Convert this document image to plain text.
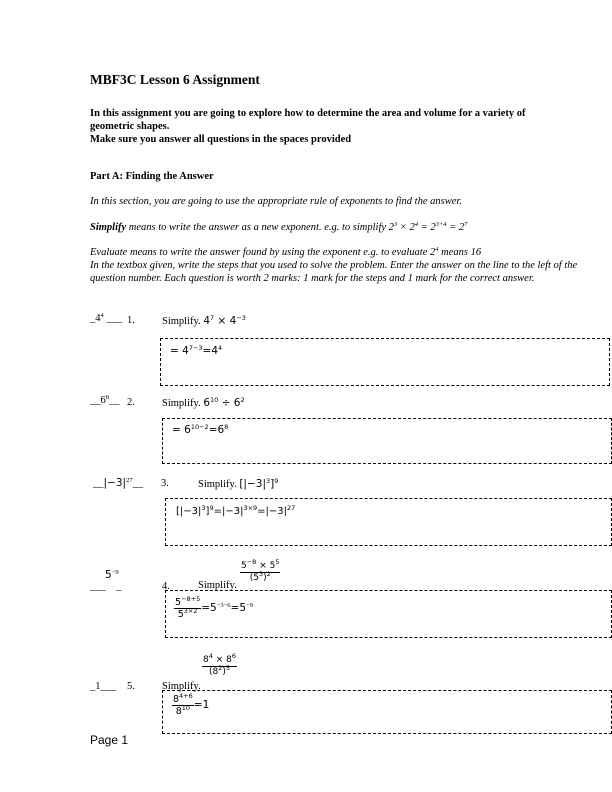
MBF3C Lesson 6 Assignment
In this assignment you are going to explore how to determine the area and volume for a variety of geometric shapes.
Make sure you answer all questions in the spaces provided
Part A: Finding the Answer
In this section, you are going to use the appropriate rule of exponents to find the answer.
Simplify means to write the answer as a new exponent. e.g. to simplify $2^3 \times 2^4 = 2^{3+4} = 2^7$
Evaluate means to write the answer found by using the exponent e.g. to evaluate $2^4$ means 16
In the textbox given, write the steps that you used to solve the problem. Enter the answer on the line to the left of the question number. Each question is worth 2 marks: 1 mark for the steps and 1 mark for the correct answer.
$\_4^4$ ___ 1.	Simplify. $4^7 \times 4^{-3}$
= $4^{7-3}=4^4$
$\_\_6^8\_\_$ 2.	Simplify. $6^{10} \div 6^2$
= $6^{10-2}=6^8$
$\_\_|-3|^{27}\_\_$ 3.	Simplify. $[|-3|^3]^9$
$[|-3|^3]^9=|-3|^{3\times 9}=|-3|^{27}$
$5^{-9}$
___    _	4.	Simplify.
$\frac{5^{-8} \times 5^5}{(5^3)^2}$
$\frac{5^{-8+5}}{5^{3\times 2}} =5^{-3-6}=5^{-9}$
_1___ 5.	Simplify.
$\frac{8^4 \times 8^6}{(8^2)^5}$
$\frac{8^{4+6}}{8^{10}} =1$
Page 1
